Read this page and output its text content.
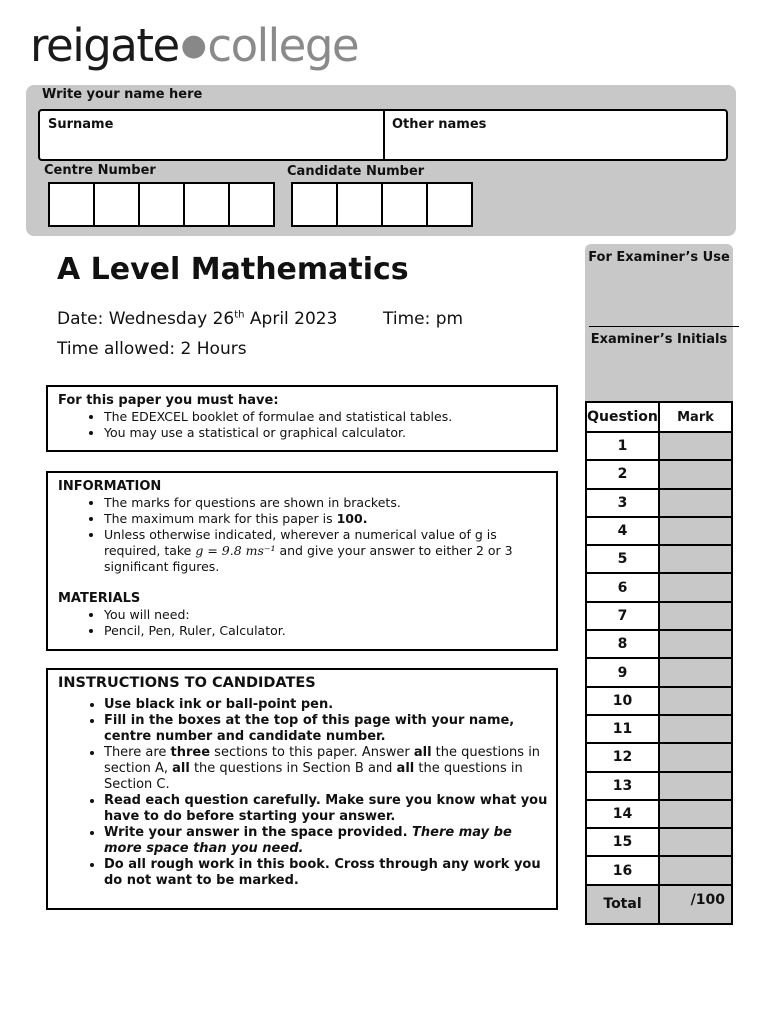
reigate●college
Write your name here
Surname	Other names
Centre Number	Candidate Number
A Level Mathematics
Date: Wednesday 26th April 2023	Time: pm
Time allowed: 2 Hours
For this paper you must have:
• The EDEXCEL booklet of formulae and statistical tables.
• You may use a statistical or graphical calculator.
INFORMATION
• The marks for questions are shown in brackets.
• The maximum mark for this paper is 100.
• Unless otherwise indicated, wherever a numerical value of g is required, take g = 9.8 ms⁻¹ and give your answer to either 2 or 3 significant figures.
MATERIALS
• You will need:
• Pencil, Pen, Ruler, Calculator.
INSTRUCTIONS TO CANDIDATES
• Use black ink or ball-point pen.
• Fill in the boxes at the top of this page with your name, centre number and candidate number.
• There are three sections to this paper. Answer all the questions in section A, all the questions in Section B and all the questions in Section C.
• Read each question carefully. Make sure you know what you have to do before starting your answer.
• Write your answer in the space provided. There may be more space than you need.
• Do all rough work in this book. Cross through any work you do not want to be marked.
For Examiner’s Use
Examiner’s Initials
Question	Mark
1	
2	
3	
4	
5	
6	
7	
8	
9	
10	
11	
12	
13	
14	
15	
16	
Total	/100
